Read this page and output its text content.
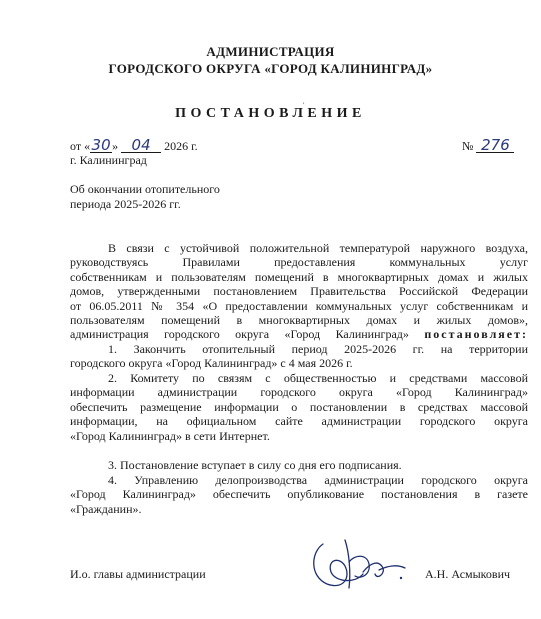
АДМИНИСТРАЦИЯ
ГОРОДСКОГО ОКРУГА «ГОРОД КАЛИНИНГРАД»
,
ПОСТАНОВЛЕНИЕ
от «30» 04 2026 г.	№ 276
г. Калининград
Об окончании отопительного
периода 2025-2026 гг.
В связи с устойчивой положительной температурой наружного воздуха,
руководствуясь Правилами предоставления коммунальных услуг
собственникам и пользователям помещений в многоквартирных домах и жилых
домов, утвержденными постановлением Правительства Российской Федерации
от 06.05.2011 № 354 «О предоставлении коммунальных услуг собственникам и
пользователям помещений в многоквартирных домах и жилых домов»,
администрация городского округа «Город Калининград» постановляет:
1. Закончить отопительный период 2025-2026 гг. на территории
городского округа «Город Калининград» с 4 мая 2026 г.
2. Комитету по связям с общественностью и средствами массовой
информации администрации городского округа «Город Калининград»
обеспечить размещение информации о постановлении в средствах массовой
информации, на официальном сайте администрации городского округа
«Город Калининград» в сети Интернет.
3. Постановление вступает в силу со дня его подписания.
4. Управлению делопроизводства администрации городского округа
«Город Калининград» обеспечить опубликование постановления в газете
«Гражданин».
И.о. главы администрации	А.Н. Асмыкович
